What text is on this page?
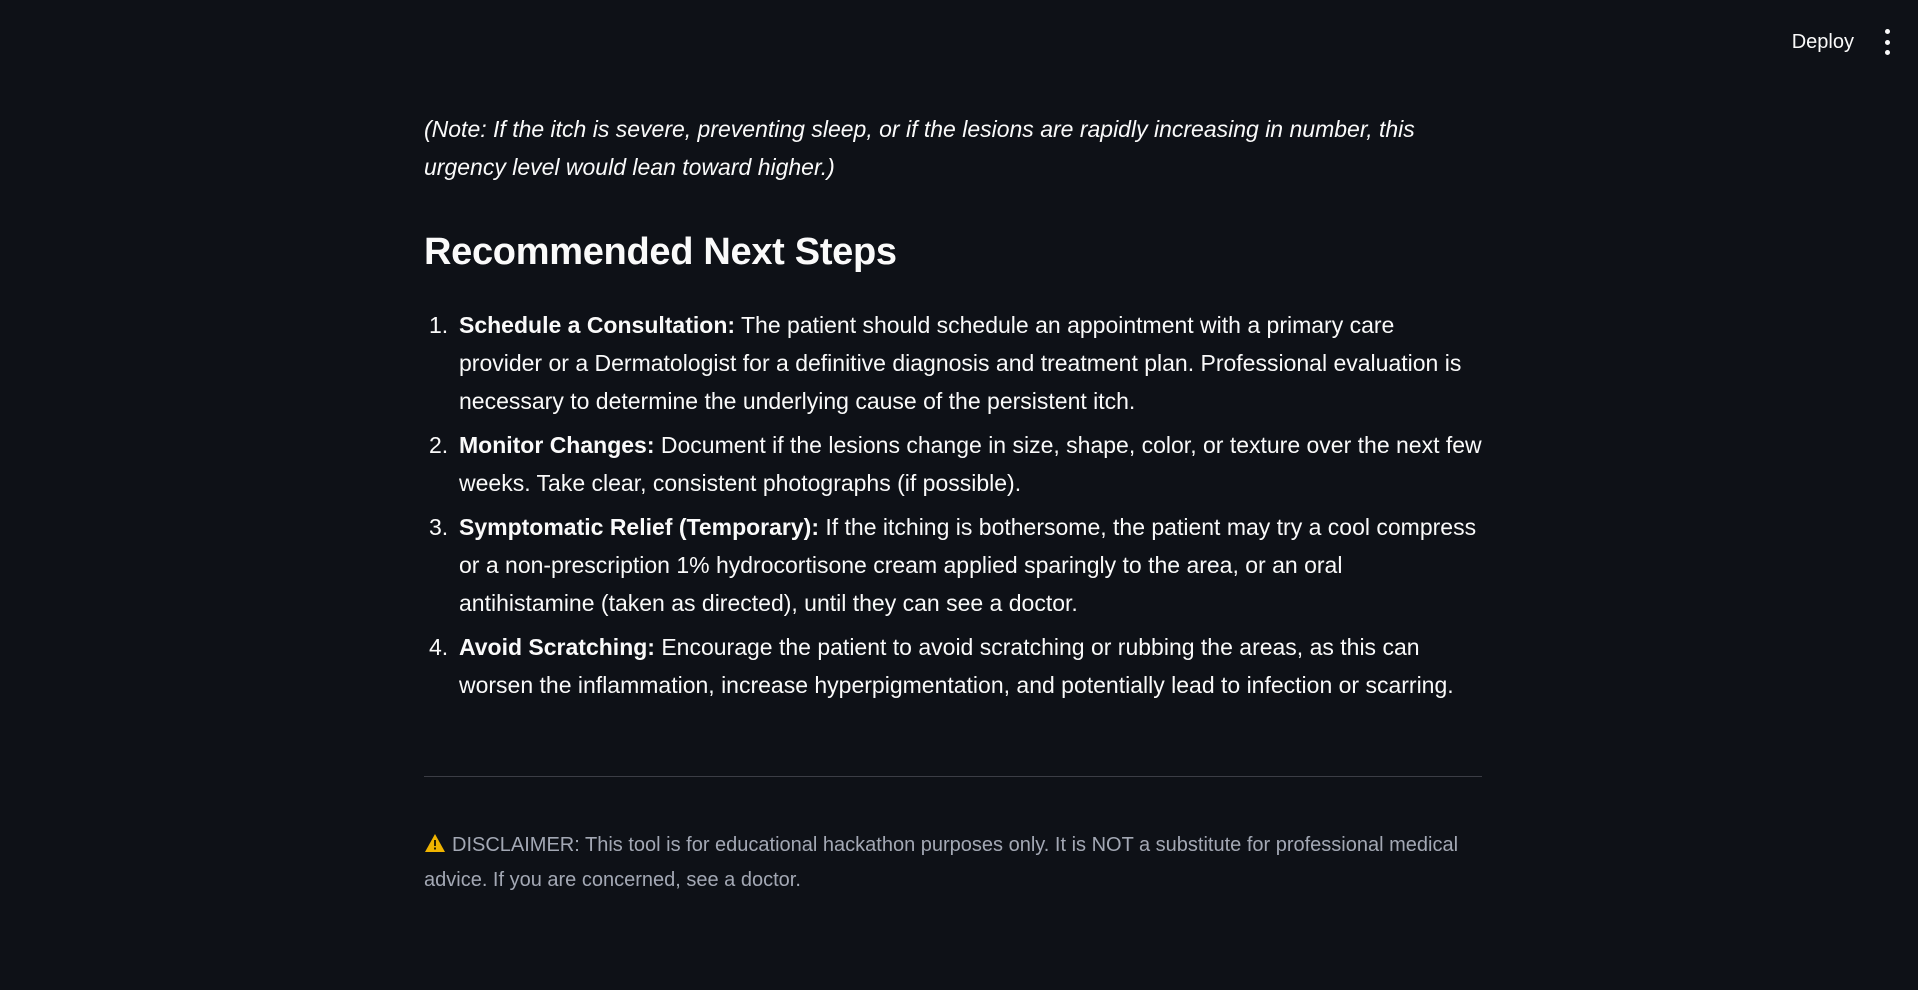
Deploy

(Note: If the itch is severe, preventing sleep, or if the lesions are rapidly increasing in number, this urgency level would lean toward higher.)

Recommended Next Steps
1. Schedule a Consultation: The patient should schedule an appointment with a primary care provider or a Dermatologist for a definitive diagnosis and treatment plan. Professional evaluation is necessary to determine the underlying cause of the persistent itch.
2. Monitor Changes: Document if the lesions change in size, shape, color, or texture over the next few weeks. Take clear, consistent photographs (if possible).
3. Symptomatic Relief (Temporary): If the itching is bothersome, the patient may try a cool compress or a non-prescription 1% hydrocortisone cream applied sparingly to the area, or an oral antihistamine (taken as directed), until they can see a doctor.
4. Avoid Scratching: Encourage the patient to avoid scratching or rubbing the areas, as this can worsen the inflammation, increase hyperpigmentation, and potentially lead to infection or scarring.
DISCLAIMER: This tool is for educational hackathon purposes only. It is NOT a substitute for professional medical advice. If you are concerned, see a doctor.
